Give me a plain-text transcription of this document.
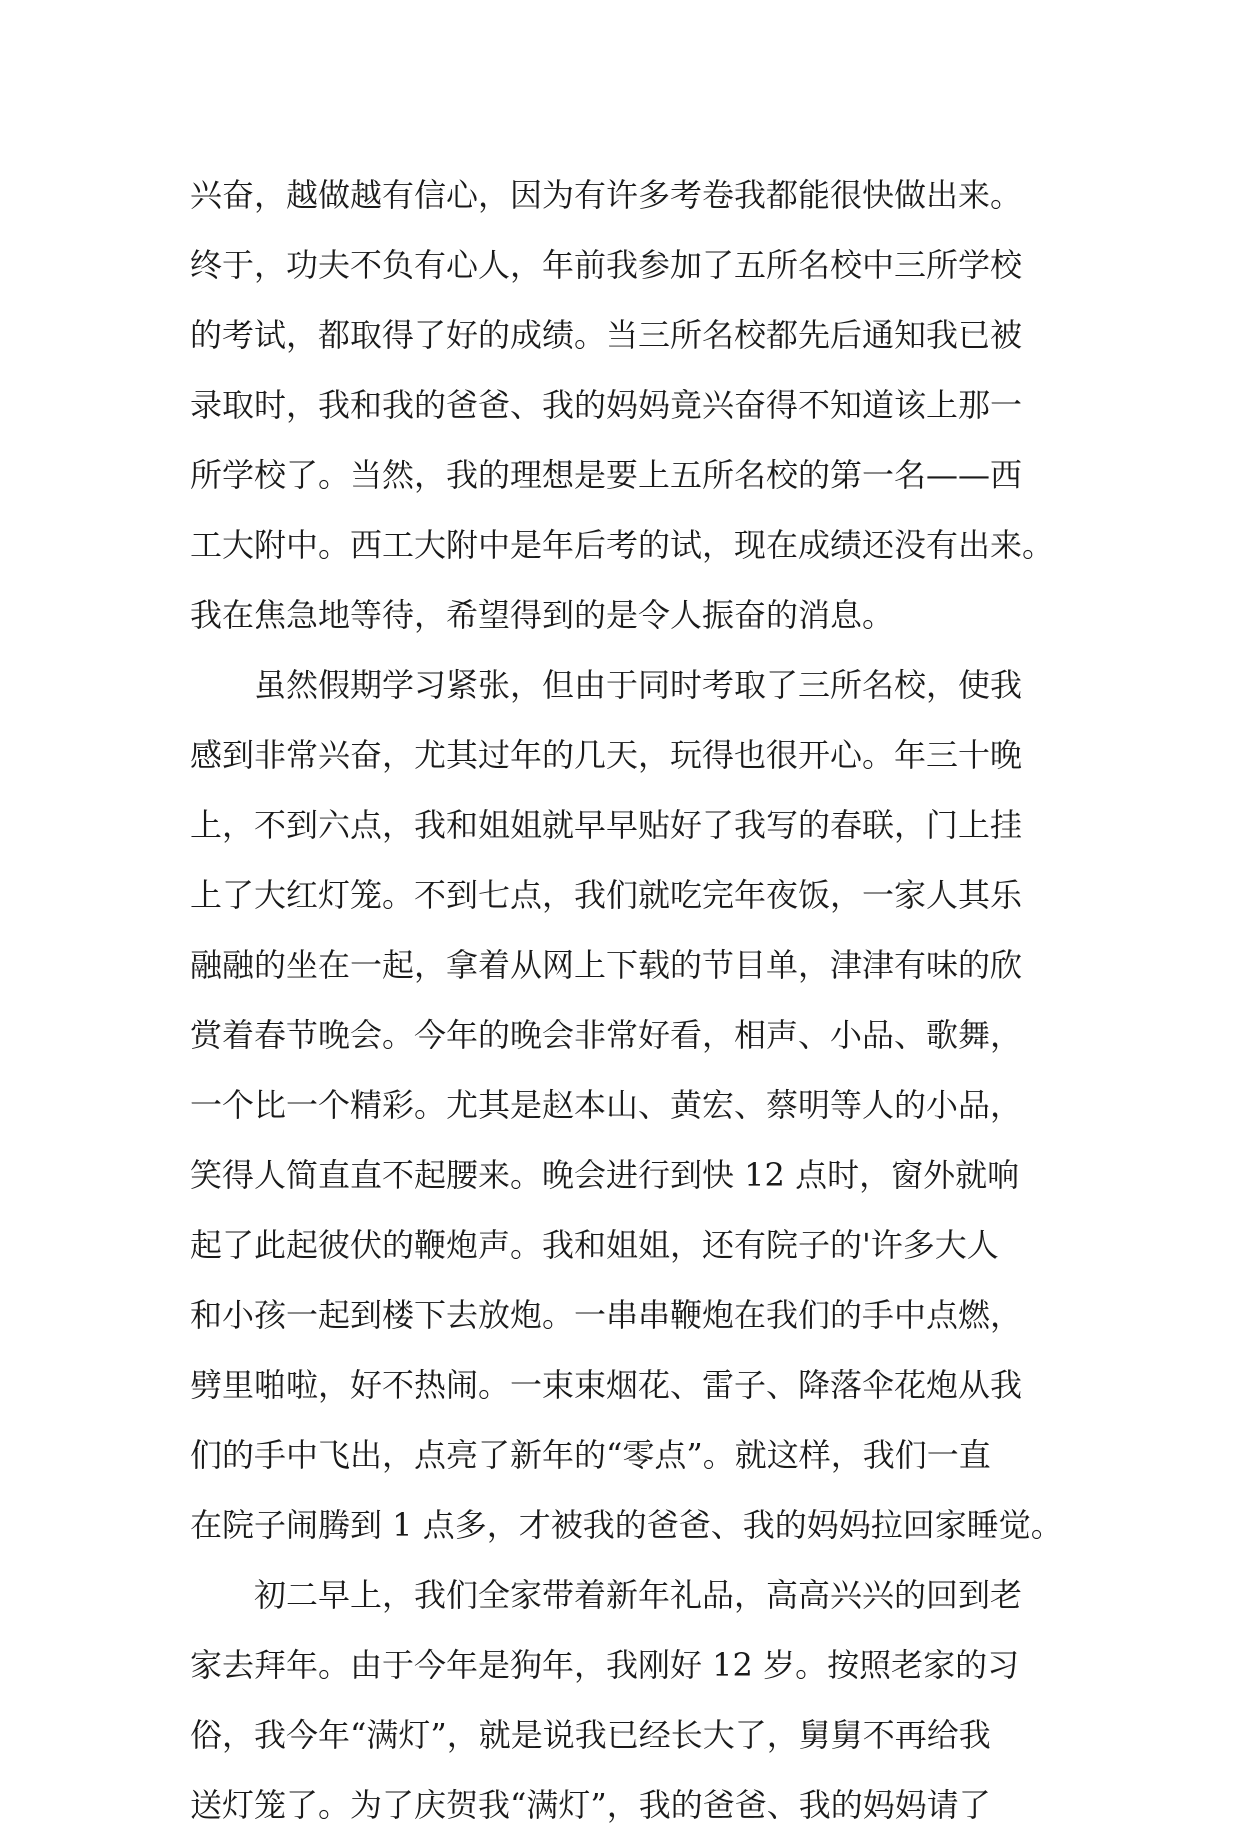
兴奋，越做越有信心，因为有许多考卷我都能很快做出来。
终于，功夫不负有心人，年前我参加了五所名校中三所学校
的考试，都取得了好的成绩。当三所名校都先后通知我已被
录取时，我和我的爸爸、我的妈妈竟兴奋得不知道该上那一
所学校了。当然，我的理想是要上五所名校的第一名——西
工大附中。西工大附中是年后考的试，现在成绩还没有出来。
我在焦急地等待，希望得到的是令人振奋的消息。
虽然假期学习紧张，但由于同时考取了三所名校，使我
感到非常兴奋，尤其过年的几天，玩得也很开心。年三十晚
上，不到六点，我和姐姐就早早贴好了我写的春联，门上挂
上了大红灯笼。不到七点，我们就吃完年夜饭，一家人其乐
融融的坐在一起，拿着从网上下载的节目单，津津有味的欣
赏着春节晚会。今年的晚会非常好看，相声、小品、歌舞，
一个比一个精彩。尤其是赵本山、黄宏、蔡明等人的小品，
笑得人简直直不起腰来。晚会进行到快 12 点时，窗外就响
起了此起彼伏的鞭炮声。我和姐姐，还有院子的'许多大人
和小孩一起到楼下去放炮。一串串鞭炮在我们的手中点燃，
劈里啪啦，好不热闹。一束束烟花、雷子、降落伞花炮从我
们的手中飞出，点亮了新年的“零点”。就这样，我们一直
在院子闹腾到 1 点多，才被我的爸爸、我的妈妈拉回家睡觉。
初二早上，我们全家带着新年礼品，高高兴兴的回到老
家去拜年。由于今年是狗年，我刚好 12 岁。按照老家的习
俗，我今年“满灯”，就是说我已经长大了，舅舅不再给我
送灯笼了。为了庆贺我“满灯”，我的爸爸、我的妈妈请了
